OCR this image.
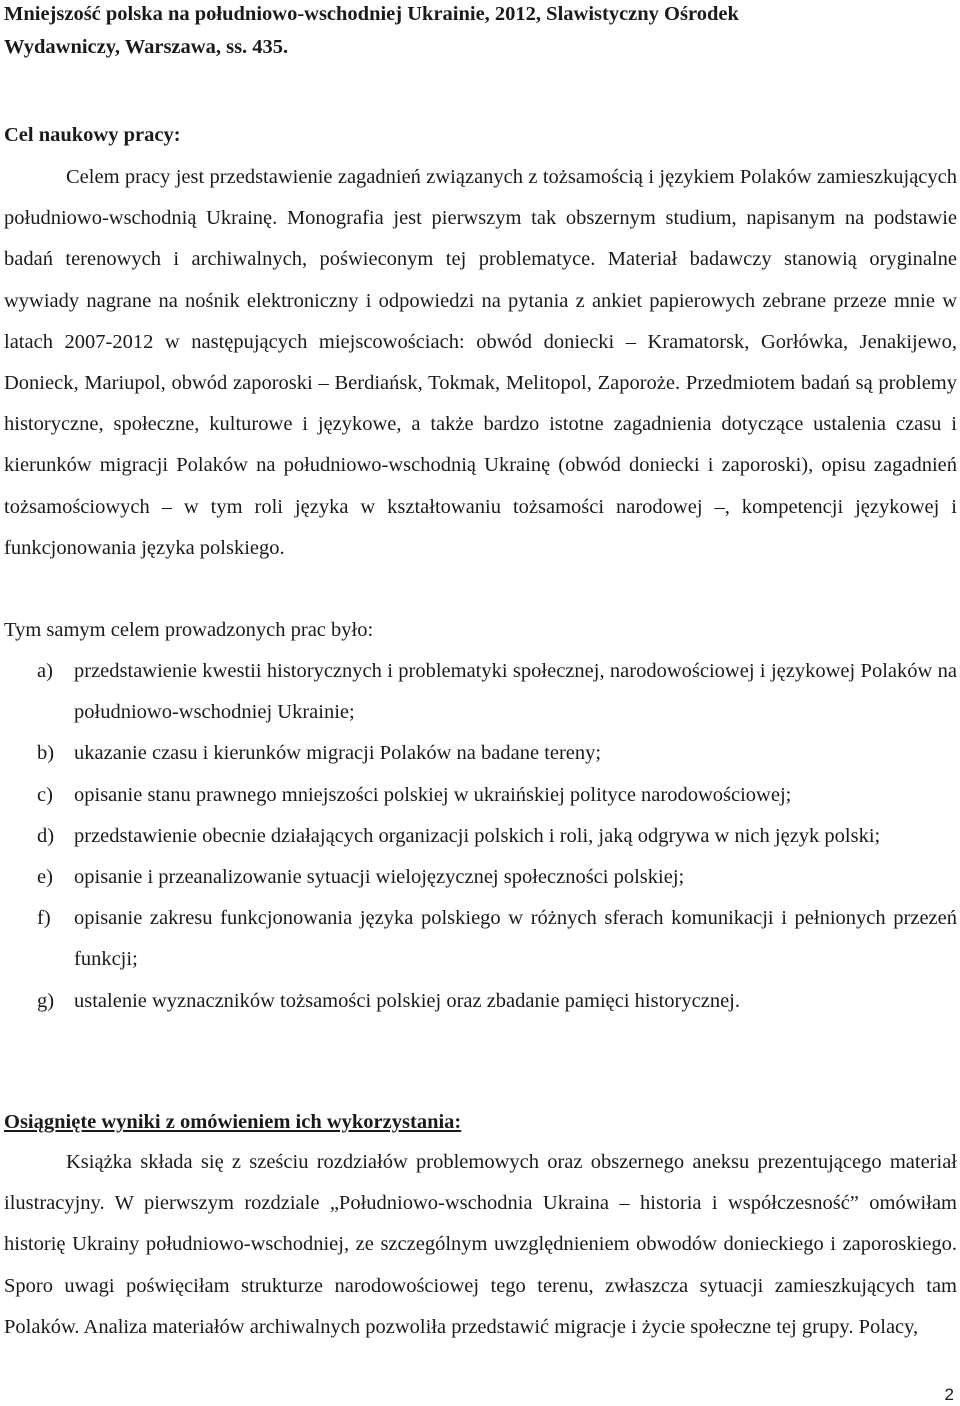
Mniejszość polska na południowo-wschodniej Ukrainie, 2012, Slawistyczny Ośrodek
Wydawniczy, Warszawa, ss. 435.
Cel naukowy pracy:
Celem pracy jest przedstawienie zagadnień związanych z tożsamością i językiem Polaków zamieszkujących południowo-wschodnią Ukrainę. Monografia jest pierwszym tak obszernym studium, napisanym na podstawie badań terenowych i archiwalnych, poświeconym tej problematyce. Materiał badawczy stanowią oryginalne wywiady nagrane na nośnik elektroniczny i odpowiedzi na pytania z ankiet papierowych zebrane przeze mnie w latach 2007-2012 w następujących miejscowościach: obwód doniecki – Kramatorsk, Gorłówka, Jenakijewo, Donieck, Mariupol, obwód zaporoski – Berdiańsk, Tokmak, Melitopol, Zaporoże. Przedmiotem badań są problemy historyczne, społeczne, kulturowe i językowe, a także bardzo istotne zagadnienia dotyczące ustalenia czasu i kierunków migracji Polaków na południowo-wschodnią Ukrainę (obwód doniecki i zaporoski), opisu zagadnień tożsamościowych – w tym roli języka w kształtowaniu tożsamości narodowej –, kompetencji językowej i funkcjonowania języka polskiego.
Tym samym celem prowadzonych prac było:
a) przedstawienie kwestii historycznych i problematyki społecznej, narodowościowej i językowej Polaków na południowo-wschodniej Ukrainie;
b) ukazanie czasu i kierunków migracji Polaków na badane tereny;
c) opisanie stanu prawnego mniejszości polskiej w ukraińskiej polityce narodowościowej;
d) przedstawienie obecnie działających organizacji polskich i roli, jaką odgrywa w nich język polski;
e) opisanie i przeanalizowanie sytuacji wielojęzycznej społeczności polskiej;
f) opisanie zakresu funkcjonowania języka polskiego w różnych sferach komunikacji i pełnionych przezeń funkcji;
g) ustalenie wyznaczników tożsamości polskiej oraz zbadanie pamięci historycznej.
Osiągnięte wyniki z omówieniem ich wykorzystania:
Książka składa się z sześciu rozdziałów problemowych oraz obszernego aneksu prezentującego materiał ilustracyjny. W pierwszym rozdziale „Południowo-wschodnia Ukraina – historia i współczesność” omówiłam historię Ukrainy południowo-wschodniej, ze szczególnym uwzględnieniem obwodów donieckiego i zaporoskiego. Sporo uwagi poświęciłam strukturze narodowościowej tego terenu, zwłaszcza sytuacji zamieszkujących tam Polaków. Analiza materiałów archiwalnych pozwoliła przedstawić migracje i życie społeczne tej grupy. Polacy,
2
